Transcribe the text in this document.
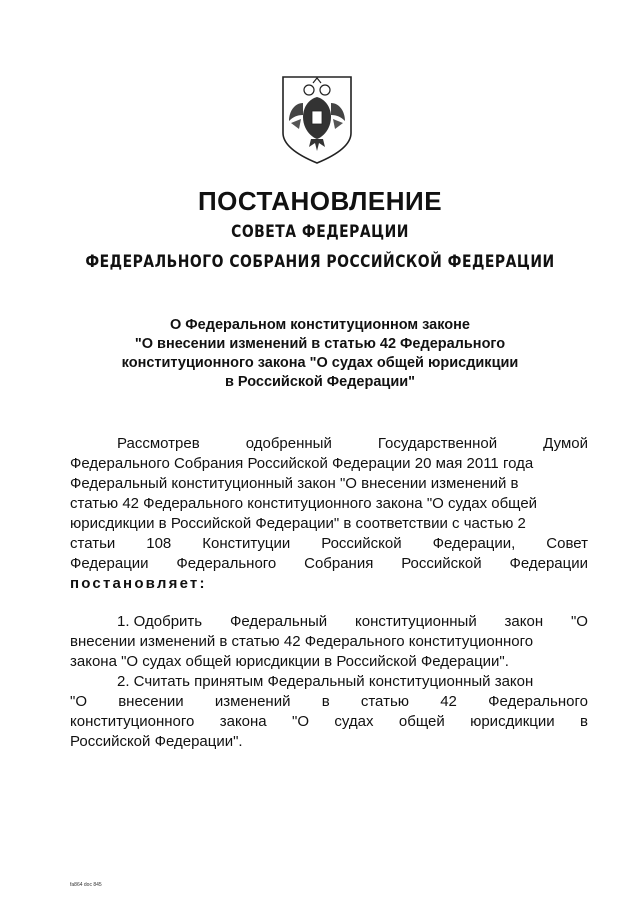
ПОСТАНОВЛЕНИЕ
СОВЕТА ФЕДЕРАЦИИ
ФЕДЕРАЛЬНОГО СОБРАНИЯ РОССИЙСКОЙ ФЕДЕРАЦИИ
О Федеральном конституционном законе
"О внесении изменений в статью 42 Федерального
конституционного закона "О судах общей юрисдикции
в Российской Федерации"
Рассмотрев	одобренный	Государственной	Думой
Федерального Собрания Российской Федерации 20 мая 2011 года
Федеральный конституционный закон "О внесении изменений в
статью 42 Федерального конституционного закона "О судах общей
юрисдикции в Российской Федерации" в соответствии с частью 2
статьи 108 Конституции Российской Федерации, Совет
Федерации Федерального Собрания Российской Федерации
постановляет:
1. Одобрить Федеральный конституционный закон "О
внесении изменений в статью 42 Федерального конституционного
закона "О судах общей юрисдикции в Российской Федерации".
2. Считать принятым Федеральный конституционный закон
"О внесении изменений в статью 42 Федерального
конституционного закона "О судах общей юрисдикции в
Российской Федерации".
fa864 doc 845
